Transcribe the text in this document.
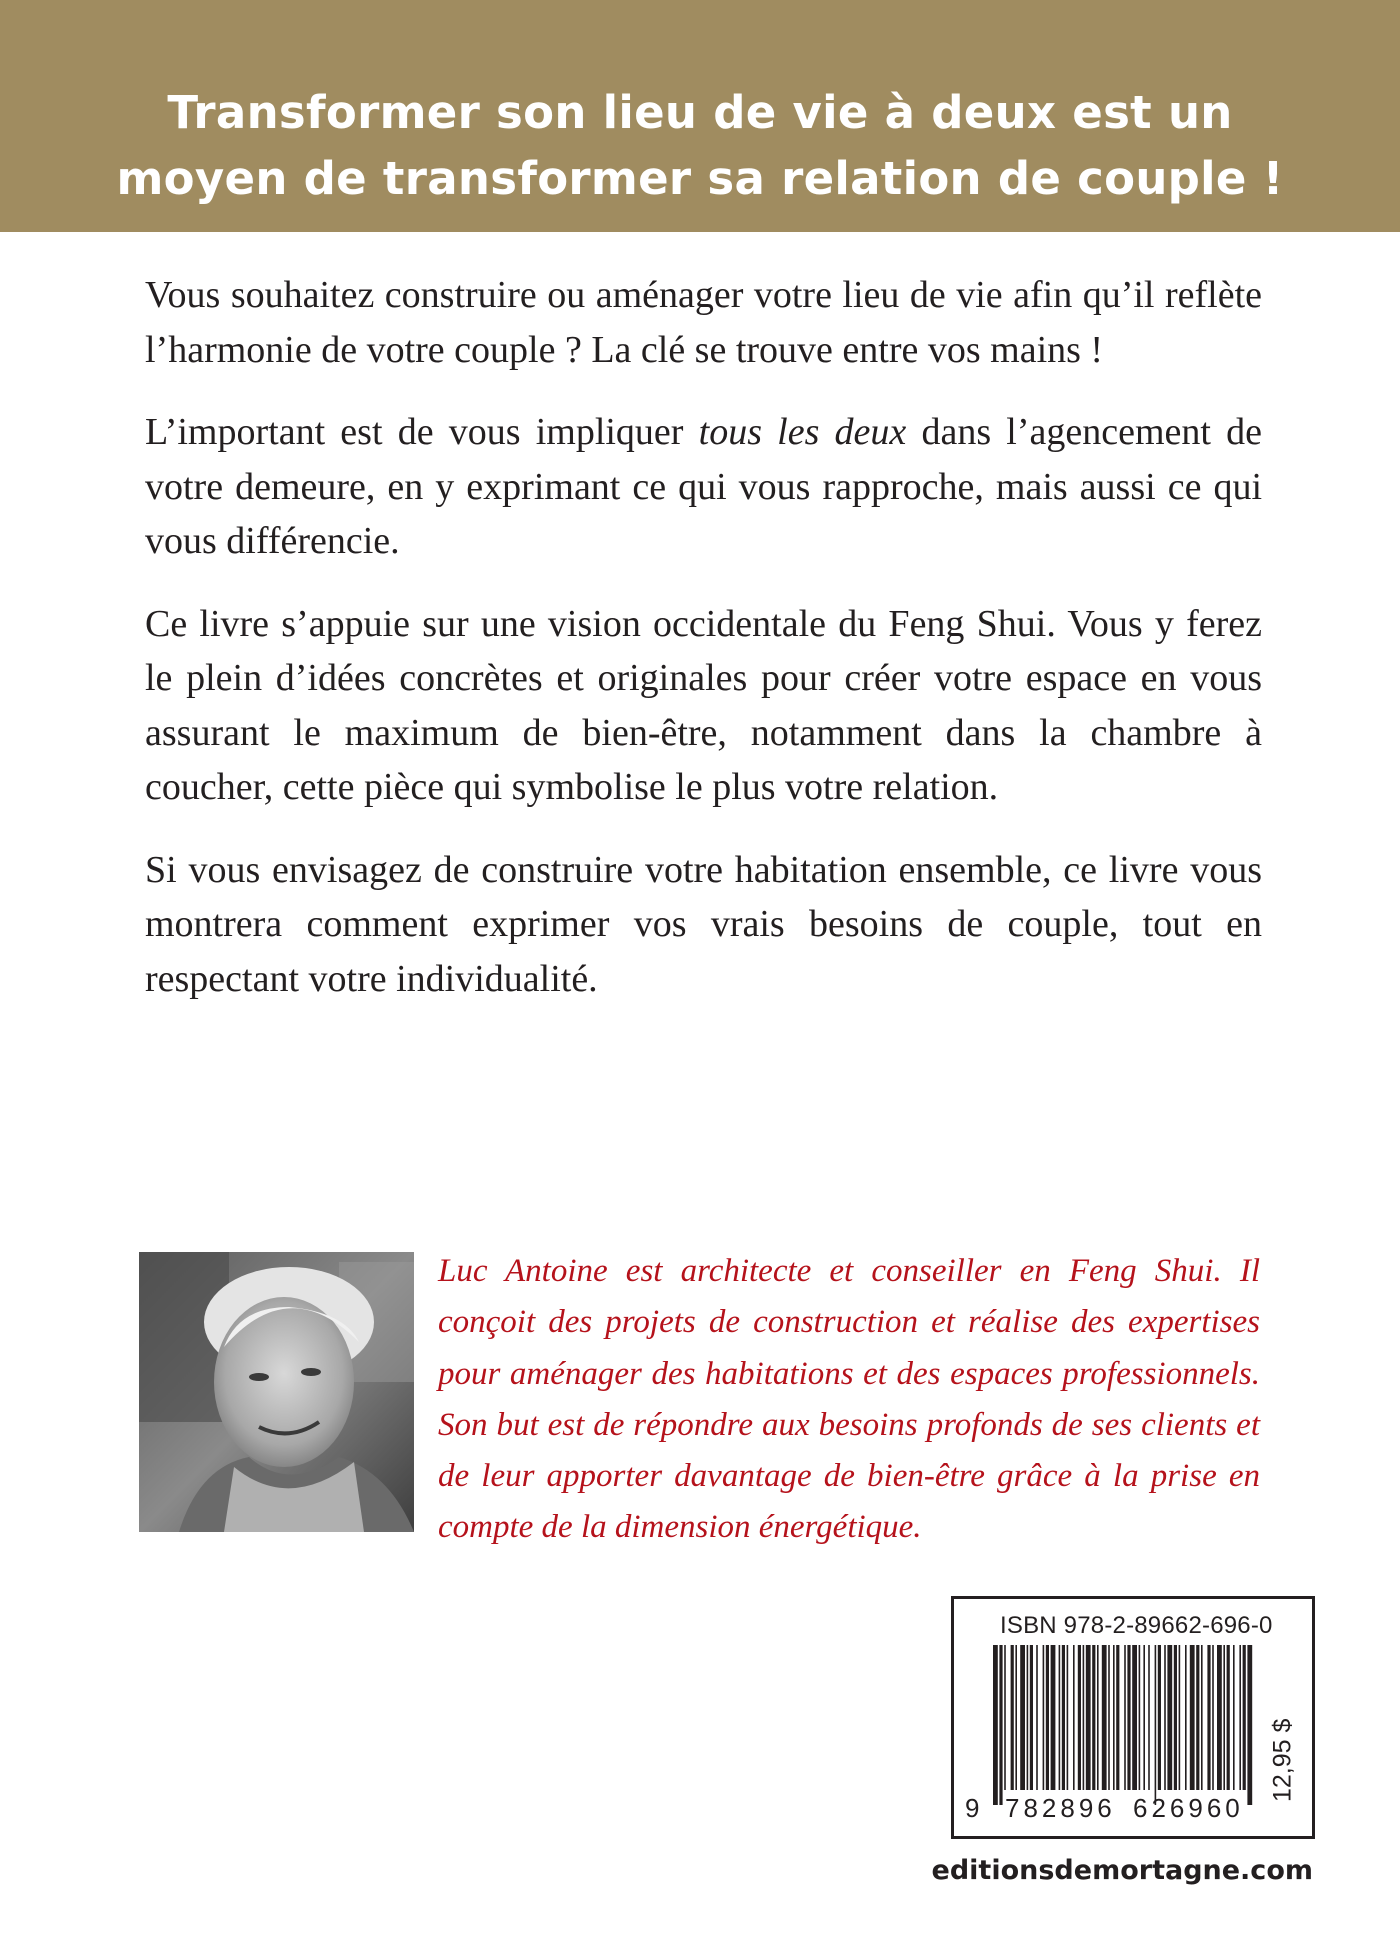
Transformer son lieu de vie à deux est un
moyen de transformer sa relation de couple !

Vous souhaitez construire ou aménager votre lieu de vie afin qu’il reflète l’harmonie de votre couple ? La clé se trouve entre vos mains !

L’important est de vous impliquer tous les deux dans l’agencement de votre demeure, en y exprimant ce qui vous rapproche, mais aussi ce qui vous différencie.

Ce livre s’appuie sur une vision occidentale du Feng Shui. Vous y ferez le plein d’idées concrètes et originales pour créer votre espace en vous assurant le maximum de bien-être, notamment dans la chambre à coucher, cette pièce qui symbolise le plus votre relation.

Si vous envisagez de construire votre habitation ensemble, ce livre vous montrera comment exprimer vos vrais besoins de couple, tout en respectant votre individualité.

Luc Antoine est architecte et conseiller en Feng Shui. Il conçoit des projets de construction et réalise des expertises pour aménager des habitations et des espaces professionnels. Son but est de répondre aux besoins profonds de ses clients et de leur apporter davantage de bien-être grâce à la prise en compte de la dimension énergétique.
ISBN 978-2-89662-696-0
9 782896 626960
12,95 $
editionsdemortagne.com
